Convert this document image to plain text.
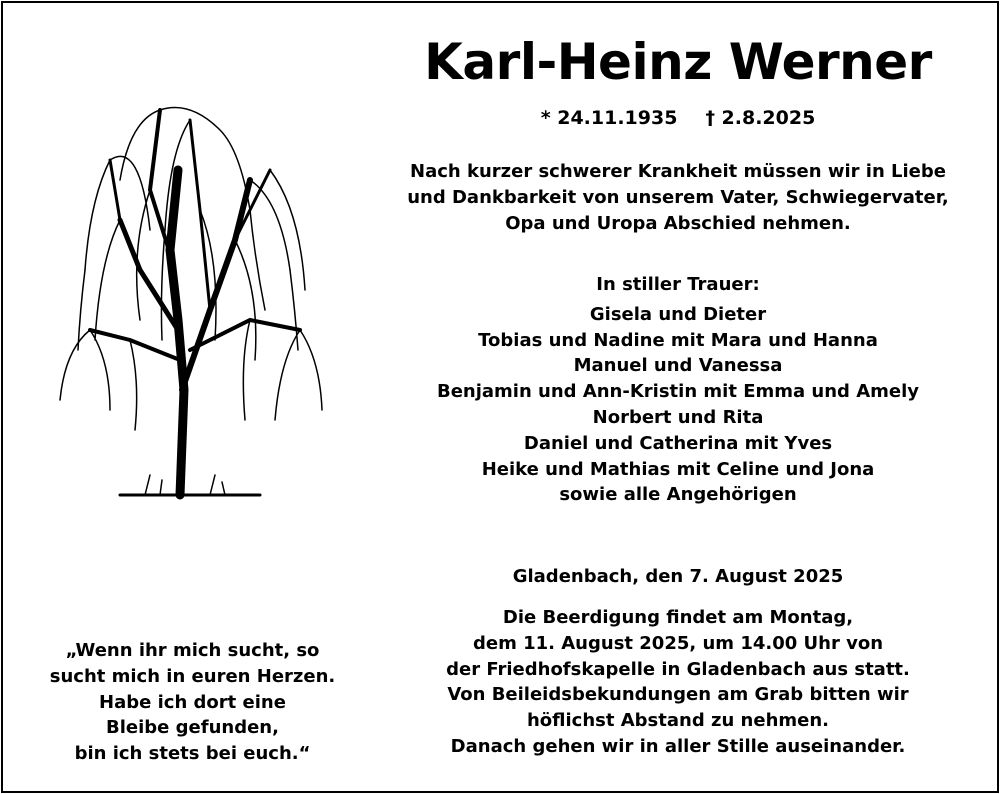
Karl-Heinz Werner
* 24.11.1935 † 2.8.2025
Nach kurzer schwerer Krankheit müssen wir in Liebe
und Dankbarkeit von unserem Vater, Schwiegervater,
Opa und Uropa Abschied nehmen.
In stiller Trauer:
Gisela und Dieter
Tobias und Nadine mit Mara und Hanna
Manuel und Vanessa
Benjamin und Ann-Kristin mit Emma und Amely
Norbert und Rita
Daniel und Catherina mit Yves
Heike und Mathias mit Celine und Jona
sowie alle Angehörigen
Gladenbach, den 7. August 2025
Die Beerdigung findet am Montag,
dem 11. August 2025, um 14.00 Uhr von
der Friedhofskapelle in Gladenbach aus statt.
Von Beileidsbekundungen am Grab bitten wir
höflichst Abstand zu nehmen.
Danach gehen wir in aller Stille auseinander.
„Wenn ihr mich sucht, so
sucht mich in euren Herzen.
Habe ich dort eine
Bleibe gefunden,
bin ich stets bei euch.“
